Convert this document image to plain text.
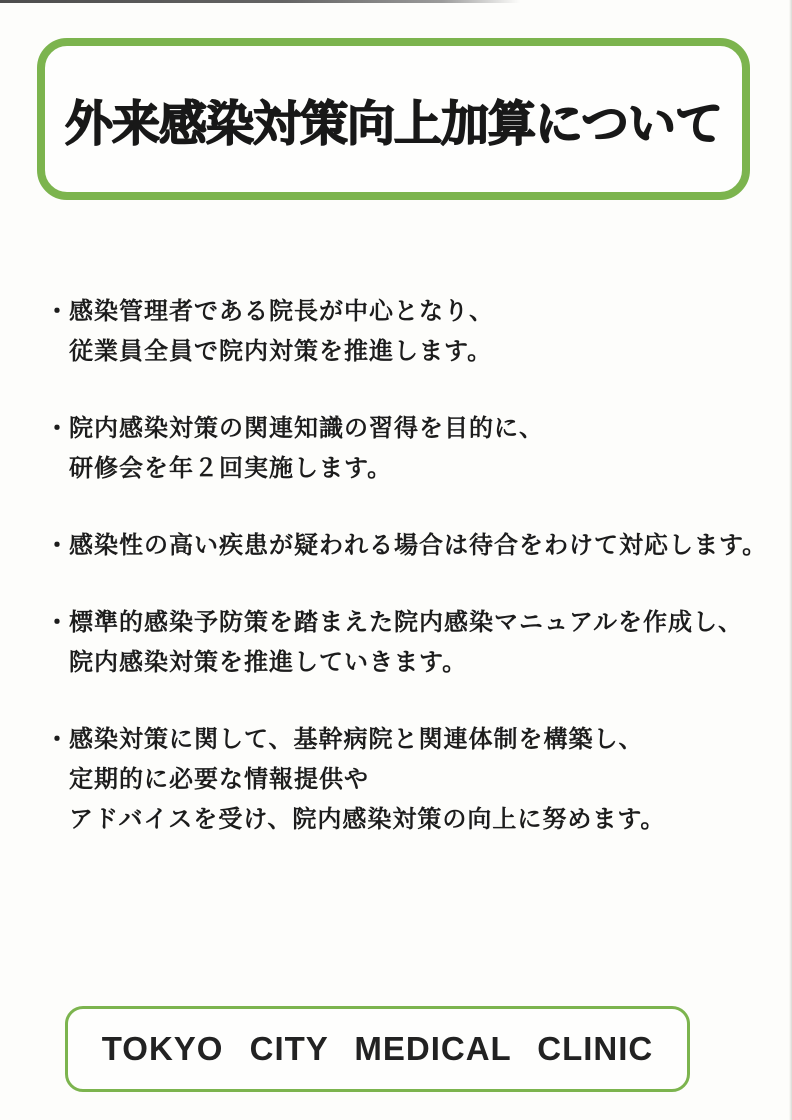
外来感染対策向上加算について
・ 感染管理者である院長が中心となり、
従業員全員で院内対策を推進します。
・ 院内感染対策の関連知識の習得を目的に、
研修会を年２回実施します。
・ 感染性の高い疾患が疑われる場合は待合をわけて対応します。
・ 標準的感染予防策を踏まえた院内感染マニュアルを作成し、
院内感染対策を推進していきます。
・ 感染対策に関して、基幹病院と関連体制を構築し、
定期的に必要な情報提供や
アドバイスを受け、院内感染対策の向上に努めます。
TOKYO CITY MEDICAL CLINIC
